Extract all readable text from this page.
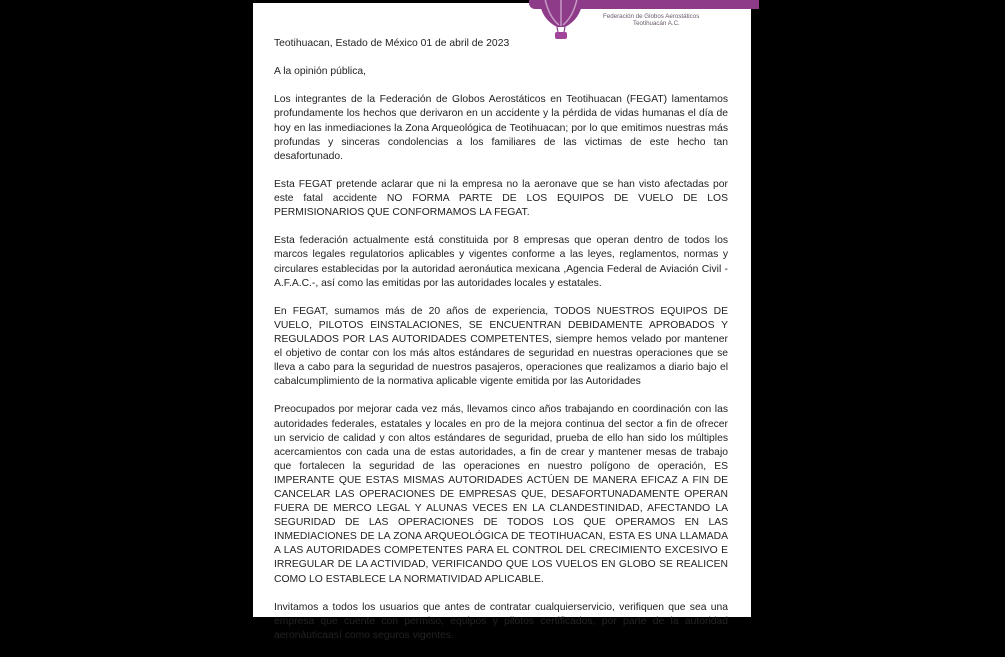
Federación de Globos Aerostáticos
Teotihuacán A.C.

Teotihuacan, Estado de México 01 de abril de 2023

A la opinión pública,

Los integrantes de la Federación de Globos Aerostáticos en Teotihuacan (FEGAT) lamentamos profundamente los hechos que derivaron en un accidente y la pérdida de vidas humanas el día de hoy en las inmediaciones la Zona Arqueológica de Teotihuacan; por lo que emitimos nuestras más profundas y sinceras condolencias a los familiares de las victimas de este hecho tan desafortunado.

Esta FEGAT pretende aclarar que ni la empresa no la aeronave que se han visto afectadas por este fatal accidente NO FORMA PARTE DE LOS EQUIPOS DE VUELO DE LOS PERMISIONARIOS QUE CONFORMAMOS LA FEGAT.

Esta federación actualmente está constituida por 8 empresas que operan dentro de todos los marcos legales regulatorios aplicables y vigentes conforme a las leyes, reglamentos, normas y circulares establecidas por la autoridad aeronáutica mexicana ,Agencia Federal de Aviación Civil -A.F.A.C.-, así como las emitidas por las autoridades locales y estatales.

En FEGAT, sumamos más de 20 años de experiencia, TODOS NUESTROS EQUIPOS DE VUELO, PILOTOS EINSTALACIONES, SE ENCUENTRAN DEBIDAMENTE APROBADOS Y REGULADOS POR LAS AUTORIDADES COMPETENTES, siempre hemos velado por mantener el objetivo de contar con los más altos estándares de seguridad en nuestras operaciones que se lleva a cabo para la seguridad de nuestros pasajeros, operaciones que realizamos a diario bajo el cabalcumplimiento de la normativa aplicable vigente emitida por las Autoridades

Preocupados por mejorar cada vez más, llevamos cinco años trabajando en coordinación con las autoridades federales, estatales y locales en pro de la mejora continua del sector a fin de ofrecer un servicio de calidad y con altos estándares de seguridad, prueba de ello han sido los múltiples acercamientos con cada una de estas autoridades, a fin de crear y mantener mesas de trabajo que fortalecen la seguridad de las operaciones en nuestro polígono de operación, ES IMPERANTE QUE ESTAS MISMAS AUTORIDADES ACTÚEN DE MANERA EFICAZ A FIN DE CANCELAR LAS OPERACIONES DE EMPRESAS QUE, DESAFORTUNADAMENTE OPERAN FUERA DE MERCO LEGAL Y ALUNAS VECES EN LA CLANDESTINIDAD, AFECTANDO LA SEGURIDAD DE LAS OPERACIONES DE TODOS LOS QUE OPERAMOS EN LAS INMEDIACIONES DE LA ZONA ARQUEOLÓGICA DE TEOTIHUACAN, ESTA ES UNA LLAMADA A LAS AUTORIDADES COMPETENTES PARA EL CONTROL DEL CRECIMIENTO EXCESIVO E IRREGULAR DE LA ACTIVIDAD, VERIFICANDO QUE LOS VUELOS EN GLOBO SE REALICEN COMO LO ESTABLECE LA NORMATIVIDAD APLICABLE.

Invitamos a todos los usuarios que antes de contratar cualquierservicio, verifiquen que sea una empresa que cuente con permiso, equipos y pilotos certificados, por parte de la autoridad aeronáuticaasí como seguros vigentes.
